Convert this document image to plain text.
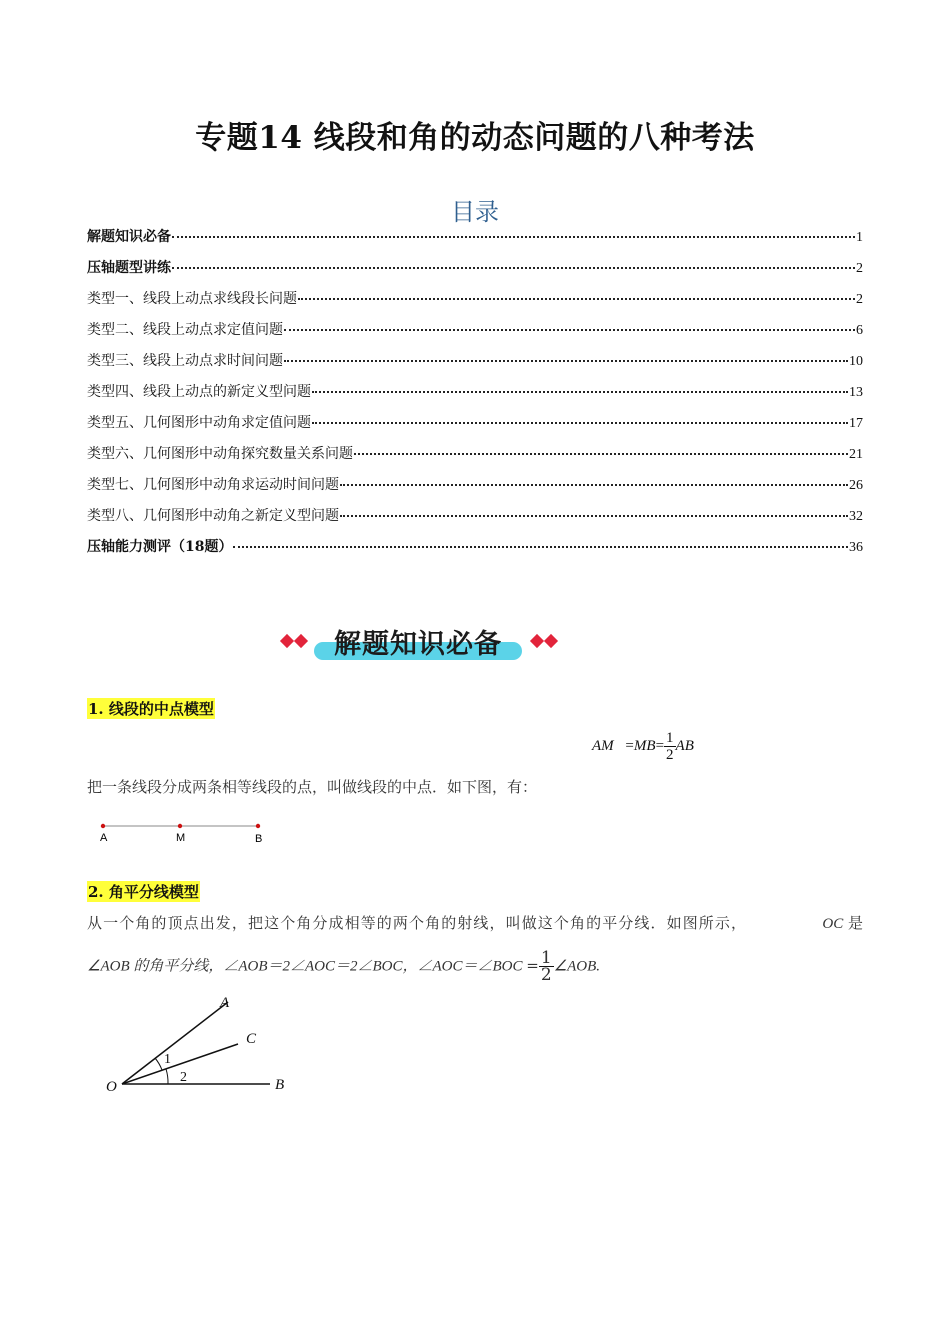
专题14 线段和角的动态问题的八种考法
目录
解题知识必备	1
压轴题型讲练	2
类型一、线段上动点求线段长问题	2
类型二、线段上动点求定值问题	6
类型三、线段上动点求时间问题	10
类型四、线段上动点的新定义型问题	13
类型五、几何图形中动角求定值问题	17
类型六、几何图形中动角探究数量关系问题	21
类型七、几何图形中动角求运动时间问题	26
类型八、几何图形中动角之新定义型问题	32
压轴能力测评（18题）	36
解题知识必备
1. 线段的中点模型
AM $=MB= \frac{1}{2}$ AB
把一条线段分成两条相等线段的点，叫做线段的中点．如下图，有：
A	M	B
2. 角平分线模型
从一个角的顶点出发，把这个角分成相等的两个角的射线，叫做这个角的平分线．如图所示，	OC 是
∠AOB 的角平分线，∠AOB＝2∠AOC＝2∠BOC，∠AOC＝∠BOC = $\frac{1}{2}$ ∠AOB.
A
C
O	B
1
2
